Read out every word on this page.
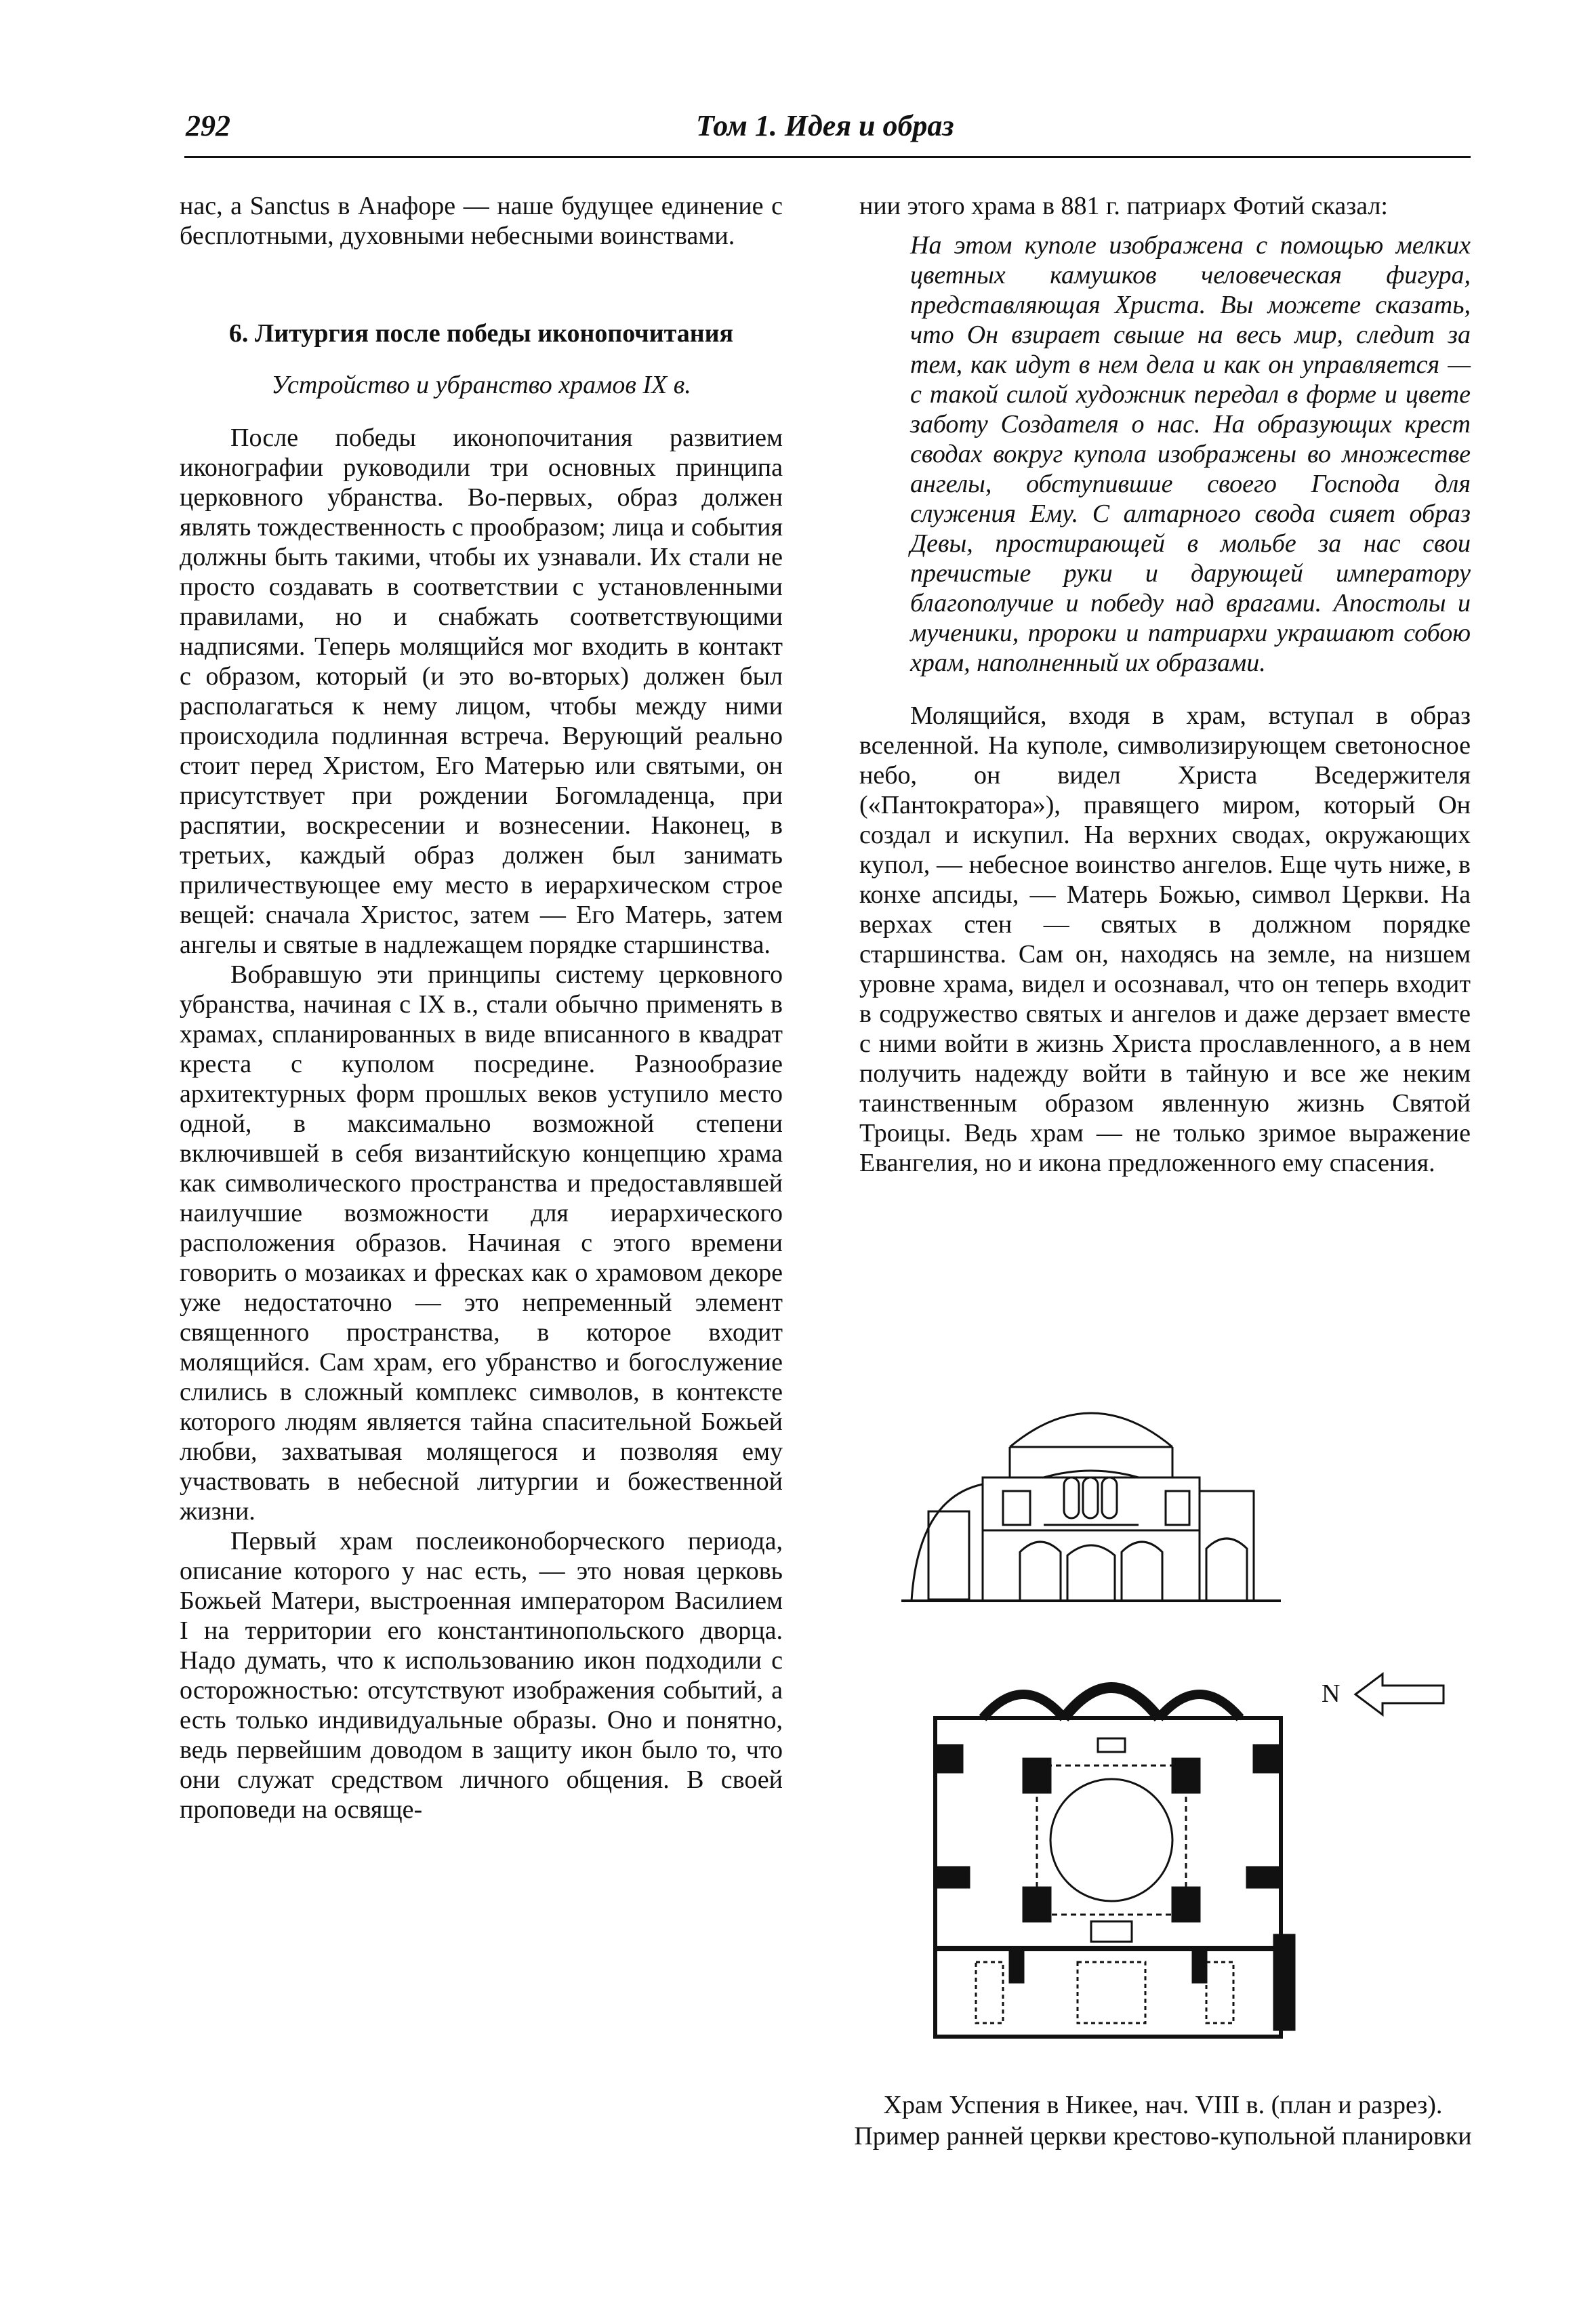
292	Том 1. Идея и образ

нас, а Sanctus в Анафоре — наше будущее единение с бесплотными, духовными небесными воинствами.

6. Литургия после победы иконопочитания

Устройство и убранство храмов IX в.

После победы иконопочитания развитием иконографии руководили три основных принципа церковного убранства. Во-первых, образ должен являть тождественность с прообразом; лица и события должны быть такими, чтобы их узнавали. Их стали не просто создавать в соответствии с установленными правилами, но и снабжать соответствующими надписями. Теперь молящийся мог входить в контакт с образом, который (и это во-вторых) должен был располагаться к нему лицом, чтобы между ними происходила подлинная встреча. Верующий реально стоит перед Христом, Его Матерью или святыми, он присутствует при рождении Богомладенца, при распятии, воскресении и вознесении. Наконец, в третьих, каждый образ должен был занимать приличествующее ему место в иерархическом строе вещей: сначала Христос, затем — Его Матерь, затем ангелы и святые в надлежащем порядке старшинства.

Вобравшую эти принципы систему церковного убранства, начиная с IX в., стали обычно применять в храмах, спланированных в виде вписанного в квадрат креста с куполом посредине. Разнообразие архитектурных форм прошлых веков уступило место одной, в максимально возможной степени включившей в себя византийскую концепцию храма как символического пространства и предоставлявшей наилучшие возможности для иерархического расположения образов. Начиная с этого времени говорить о мозаиках и фресках как о храмовом декоре уже недостаточно — это непременный элемент священного пространства, в которое входит молящийся. Сам храм, его убранство и богослужение слились в сложный комплекс символов, в контексте которого людям является тайна спасительной Божьей любви, захватывая молящегося и позволяя ему участвовать в небесной литургии и божественной жизни.

Первый храм послеиконоборческого периода, описание которого у нас есть, — это новая церковь Божьей Матери, выстроенная императором Василием I на территории его константинопольского дворца. Надо думать, что к использованию икон подходили с осторожностью: отсутствуют изображения событий, а есть только индивидуальные образы. Оно и понятно, ведь первейшим доводом в защиту икон было то, что они служат средством личного общения. В своей проповеди на освяще-

нии этого храма в 881 г. патриарх Фотий сказал:

На этом куполе изображена с помощью мелких цветных камушков человеческая фигура, представляющая Христа. Вы можете сказать, что Он взирает свыше на весь мир, следит за тем, как идут в нем дела и как он управляется — с такой силой художник передал в форме и цвете заботу Создателя о нас. На образующих крест сводах вокруг купола изображены во множестве ангелы, обступившие своего Господа для служения Ему. С алтарного свода сияет образ Девы, простирающей в мольбе за нас свои пречистые руки и дарующей императору благополучие и победу над врагами. Апостолы и мученики, пророки и патриархи украшают собою храм, наполненный их образами.

Молящийся, входя в храм, вступал в образ вселенной. На куполе, символизирующем светоносное небо, он видел Христа Вседержителя («Пантократора»), правящего миром, который Он создал и искупил. На верхних сводах, окружающих купол, — небесное воинство ангелов. Еще чуть ниже, в конхе апсиды, — Матерь Божью, символ Церкви. На верхах стен — святых в должном порядке старшинства. Сам он, находясь на земле, на низшем уровне храма, видел и осознавал, что он теперь входит в содружество святых и ангелов и даже дерзает вместе с ними войти в жизнь Христа прославленного, а в нем получить надежду войти в тайную и все же неким таинственным образом явленную жизнь Святой Троицы. Ведь храм — не только зримое выражение Евангелия, но и икона предложенного ему спасения.

N
Храм Успения в Никее, нач. VIII в. (план и разрез). Пример ранней церкви крестово-купольной планировки
